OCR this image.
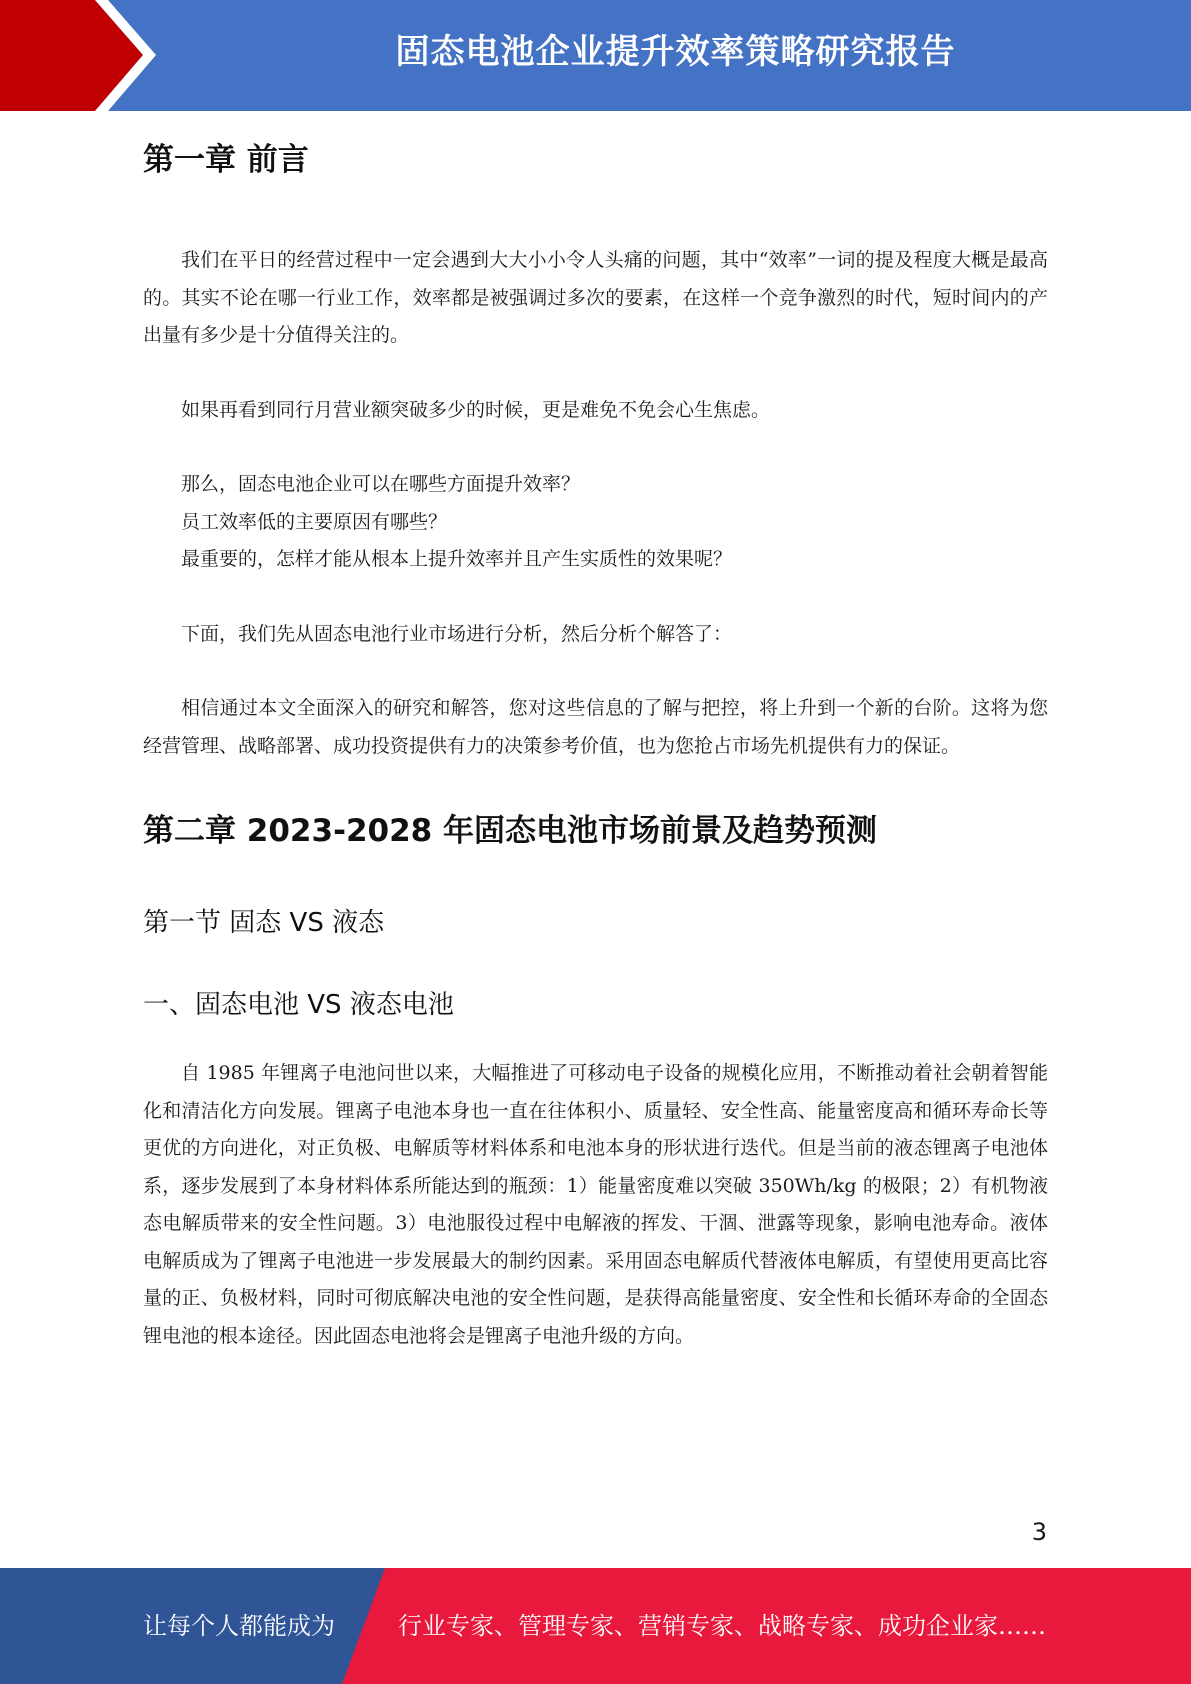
固态电池企业提升效率策略研究报告
第一章 前言

我们在平日的经营过程中一定会遇到大大小小令人头痛的问题，其中“效率”一词的提及程度大概是最高的。其实不论在哪一行业工作，效率都是被强调过多次的要素，在这样一个竞争激烈的时代，短时间内的产出量有多少是十分值得关注的。

如果再看到同行月营业额突破多少的时候，更是难免不免会心生焦虑。

那么，固态电池企业可以在哪些方面提升效率？

员工效率低的主要原因有哪些？

最重要的，怎样才能从根本上提升效率并且产生实质性的效果呢？

下面，我们先从固态电池行业市场进行分析，然后分析个解答了：

相信通过本文全面深入的研究和解答，您对这些信息的了解与把控，将上升到一个新的台阶。这将为您经营管理、战略部署、成功投资提供有力的决策参考价值，也为您抢占市场先机提供有力的保证。

第二章 2023-2028 年固态电池市场前景及趋势预测
第一节 固态 VS 液态
一、固态电池 VS 液态电池

自 1985 年锂离子电池问世以来，大幅推进了可移动电子设备的规模化应用，不断推动着社会朝着智能化和清洁化方向发展。锂离子电池本身也一直在往体积小、质量轻、安全性高、能量密度高和循环寿命长等更优的方向进化，对正负极、电解质等材料体系和电池本身的形状进行迭代。但是当前的液态锂离子电池体系，逐步发展到了本身材料体系所能达到的瓶颈：1）能量密度难以突破 350Wh/kg 的极限；2）有机物液态电解质带来的安全性问题。3）电池服役过程中电解液的挥发、干涸、泄露等现象，影响电池寿命。液体电解质成为了锂离子电池进一步发展最大的制约因素。采用固态电解质代替液体电解质，有望使用更高比容量的正、负极材料，同时可彻底解决电池的安全性问题，是获得高能量密度、安全性和长循环寿命的全固态锂电池的根本途径。因此固态电池将会是锂离子电池升级的方向。

3
让每个人都能成为	行业专家、管理专家、营销专家、战略专家、成功企业家……
